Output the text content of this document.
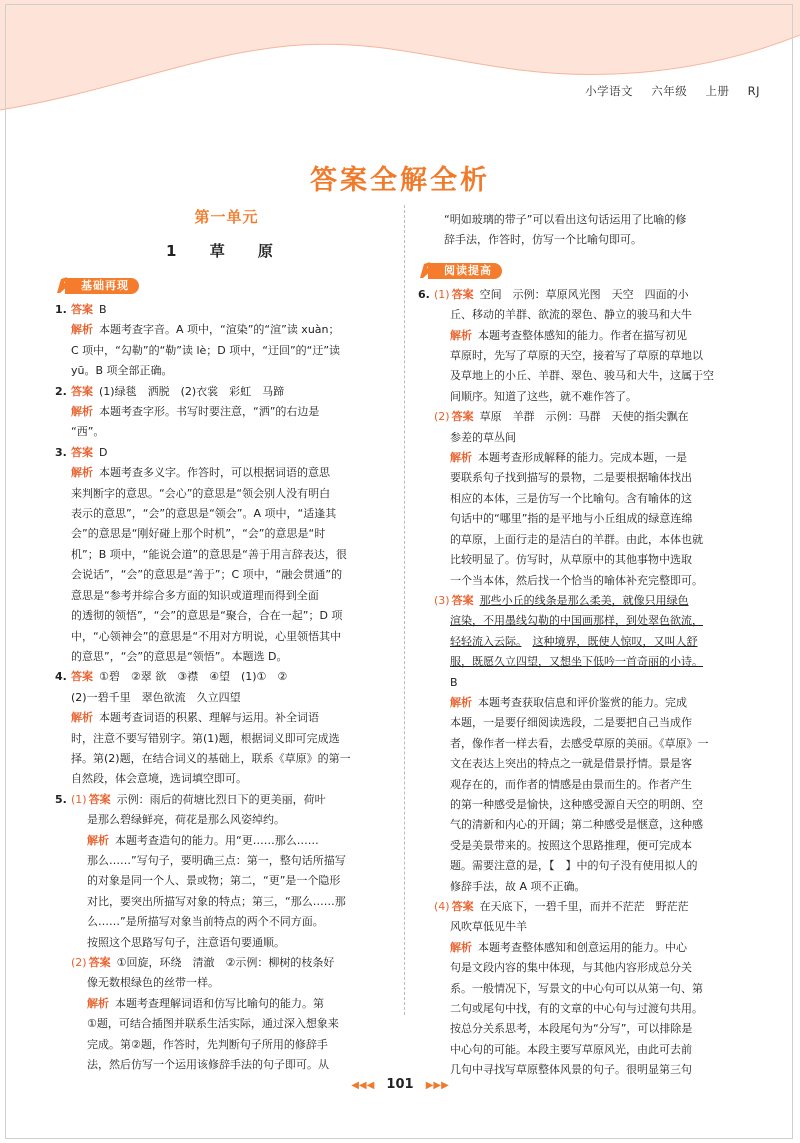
小学语文 六年级 上册 RJ
答案全解全析
第一单元
1 草 原
基础再现
1. 答案 B

解析 本题考查字音。A 项中，“渲染”的“渲”读 xuàn；

C 项中，“勾勒”的“勒”读 lè；D 项中，“迂回”的“迂”读

yū。B 项全部正确。

2. 答案 (1)绿毯　洒脱　(2)衣裳　彩虹　马蹄

解析 本题考查字形。书写时要注意，“洒”的右边是

“西”。

3. 答案 D

解析 本题考查多义字。作答时，可以根据词语的意思

来判断字的意思。“会心”的意思是“领会别人没有明白

表示的意思”，“会”的意思是“领会”。A 项中，“适逢其

会”的意思是“刚好碰上那个时机”，“会”的意思是“时

机”；B 项中，“能说会道”的意思是“善于用言辞表达，很

会说话”，“会”的意思是“善于”；C 项中，“融会贯通”的

意思是“参考并综合多方面的知识或道理而得到全面

的透彻的领悟”，“会”的意思是“聚合，合在一起”；D 项

中，“心领神会”的意思是“不用对方明说，心里领悟其中

的意思”，“会”的意思是“领悟”。本题选 D。

4. 答案 ①碧　②翠 欲　③襟　④望　(1)①　②

(2)一碧千里　翠色欲流　久立四望

解析 本题考查词语的积累、理解与运用。补全词语

时，注意不要写错别字。第(1)题，根据词义即可完成选

择。第(2)题，在结合词义的基础上，联系《草原》的第一

自然段，体会意境，选词填空即可。

5. (1) 答案 示例：雨后的荷塘比烈日下的更美丽，荷叶

是那么碧绿鲜亮，荷花是那么风姿绰约。

解析 本题考查造句的能力。用“更……那么……

那么……”写句子，要明确三点：第一，整句话所描写

的对象是同一个人、景或物；第二，“更”是一个隐形

对比，要突出所描写对象的特点；第三，“那么……那

么……”是所描写对象当前特点的两个不同方面。

按照这个思路写句子，注意语句要通顺。

(2) 答案 ①回旋，环绕　清澈　②示例：柳树的枝条好

像无数根绿色的丝带一样。

解析 本题考查理解词语和仿写比喻句的能力。第

①题，可结合插图并联系生活实际，通过深入想象来

完成。第②题，作答时，先判断句子所用的修辞手

法，然后仿写一个运用该修辞手法的句子即可。从

“明如玻璃的带子”可以看出这句话运用了比喻的修

辞手法，作答时，仿写一个比喻句即可。

阅读提高
6. (1) 答案 空间　示例：草原风光图　天空　四面的小

丘、移动的羊群、欲流的翠色、静立的骏马和大牛

解析 本题考查整体感知的能力。作者在描写初见

草原时，先写了草原的天空，接着写了草原的草地以

及草地上的小丘、羊群、翠色、骏马和大牛，这属于空

间顺序。知道了这些，就不难作答了。

(2) 答案 草原　羊群　示例：马群　天使的指尖飘在

参差的草丛间

解析 本题考查形成解释的能力。完成本题，一是

要联系句子找到描写的景物，二是要根据喻体找出

相应的本体，三是仿写一个比喻句。含有喻体的这

句话中的“哪里”指的是平地与小丘组成的绿意连绵

的草原，上面行走的是洁白的羊群。由此，本体也就

比较明显了。仿写时，从草原中的其他事物中选取

一个当本体，然后找一个恰当的喻体补充完整即可。

(3) 答案 那些小丘的线条是那么柔美，就像只用绿色

渲染，不用墨线勾勒的中国画那样，到处翠色欲流，

轻轻流入云际。　 这种境界，既使人惊叹，又叫人舒

服，既愿久立四望，又想坐下低吟一首奇丽的小诗。

B

解析 本题考查获取信息和评价鉴赏的能力。完成

本题，一是要仔细阅读选段，二是要把自己当成作

者，像作者一样去看，去感受草原的美丽。《草原》一

文在表达上突出的特点之一就是借景抒情。景是客

观存在的，而作者的情感是由景而生的。作者产生

的第一种感受是愉快，这种感受源自天空的明朗、空

气的清新和内心的开阔；第二种感受是惬意，这种感

受是美景带来的。按照这个思路推理，便可完成本

题。需要注意的是，【　】中的句子没有使用拟人的

修辞手法，故 A 项不正确。

(4) 答案 在天底下，一碧千里，而并不茫茫　野茫茫

风吹草低见牛羊

解析 本题考查整体感知和创意运用的能力。中心

句是文段内容的集中体现，与其他内容形成总分关

系。一般情况下，写景文的中心句可以从第一句、第

二句或尾句中找，有的文章的中心句与过渡句共用。

按总分关系思考，本段尾句为“分写”，可以排除是

中心句的可能。本段主要写草原风光，由此可去前

几句中寻找写草原整体风景的句子。很明显第三句

◀◀◀ 101 ▶▶▶
